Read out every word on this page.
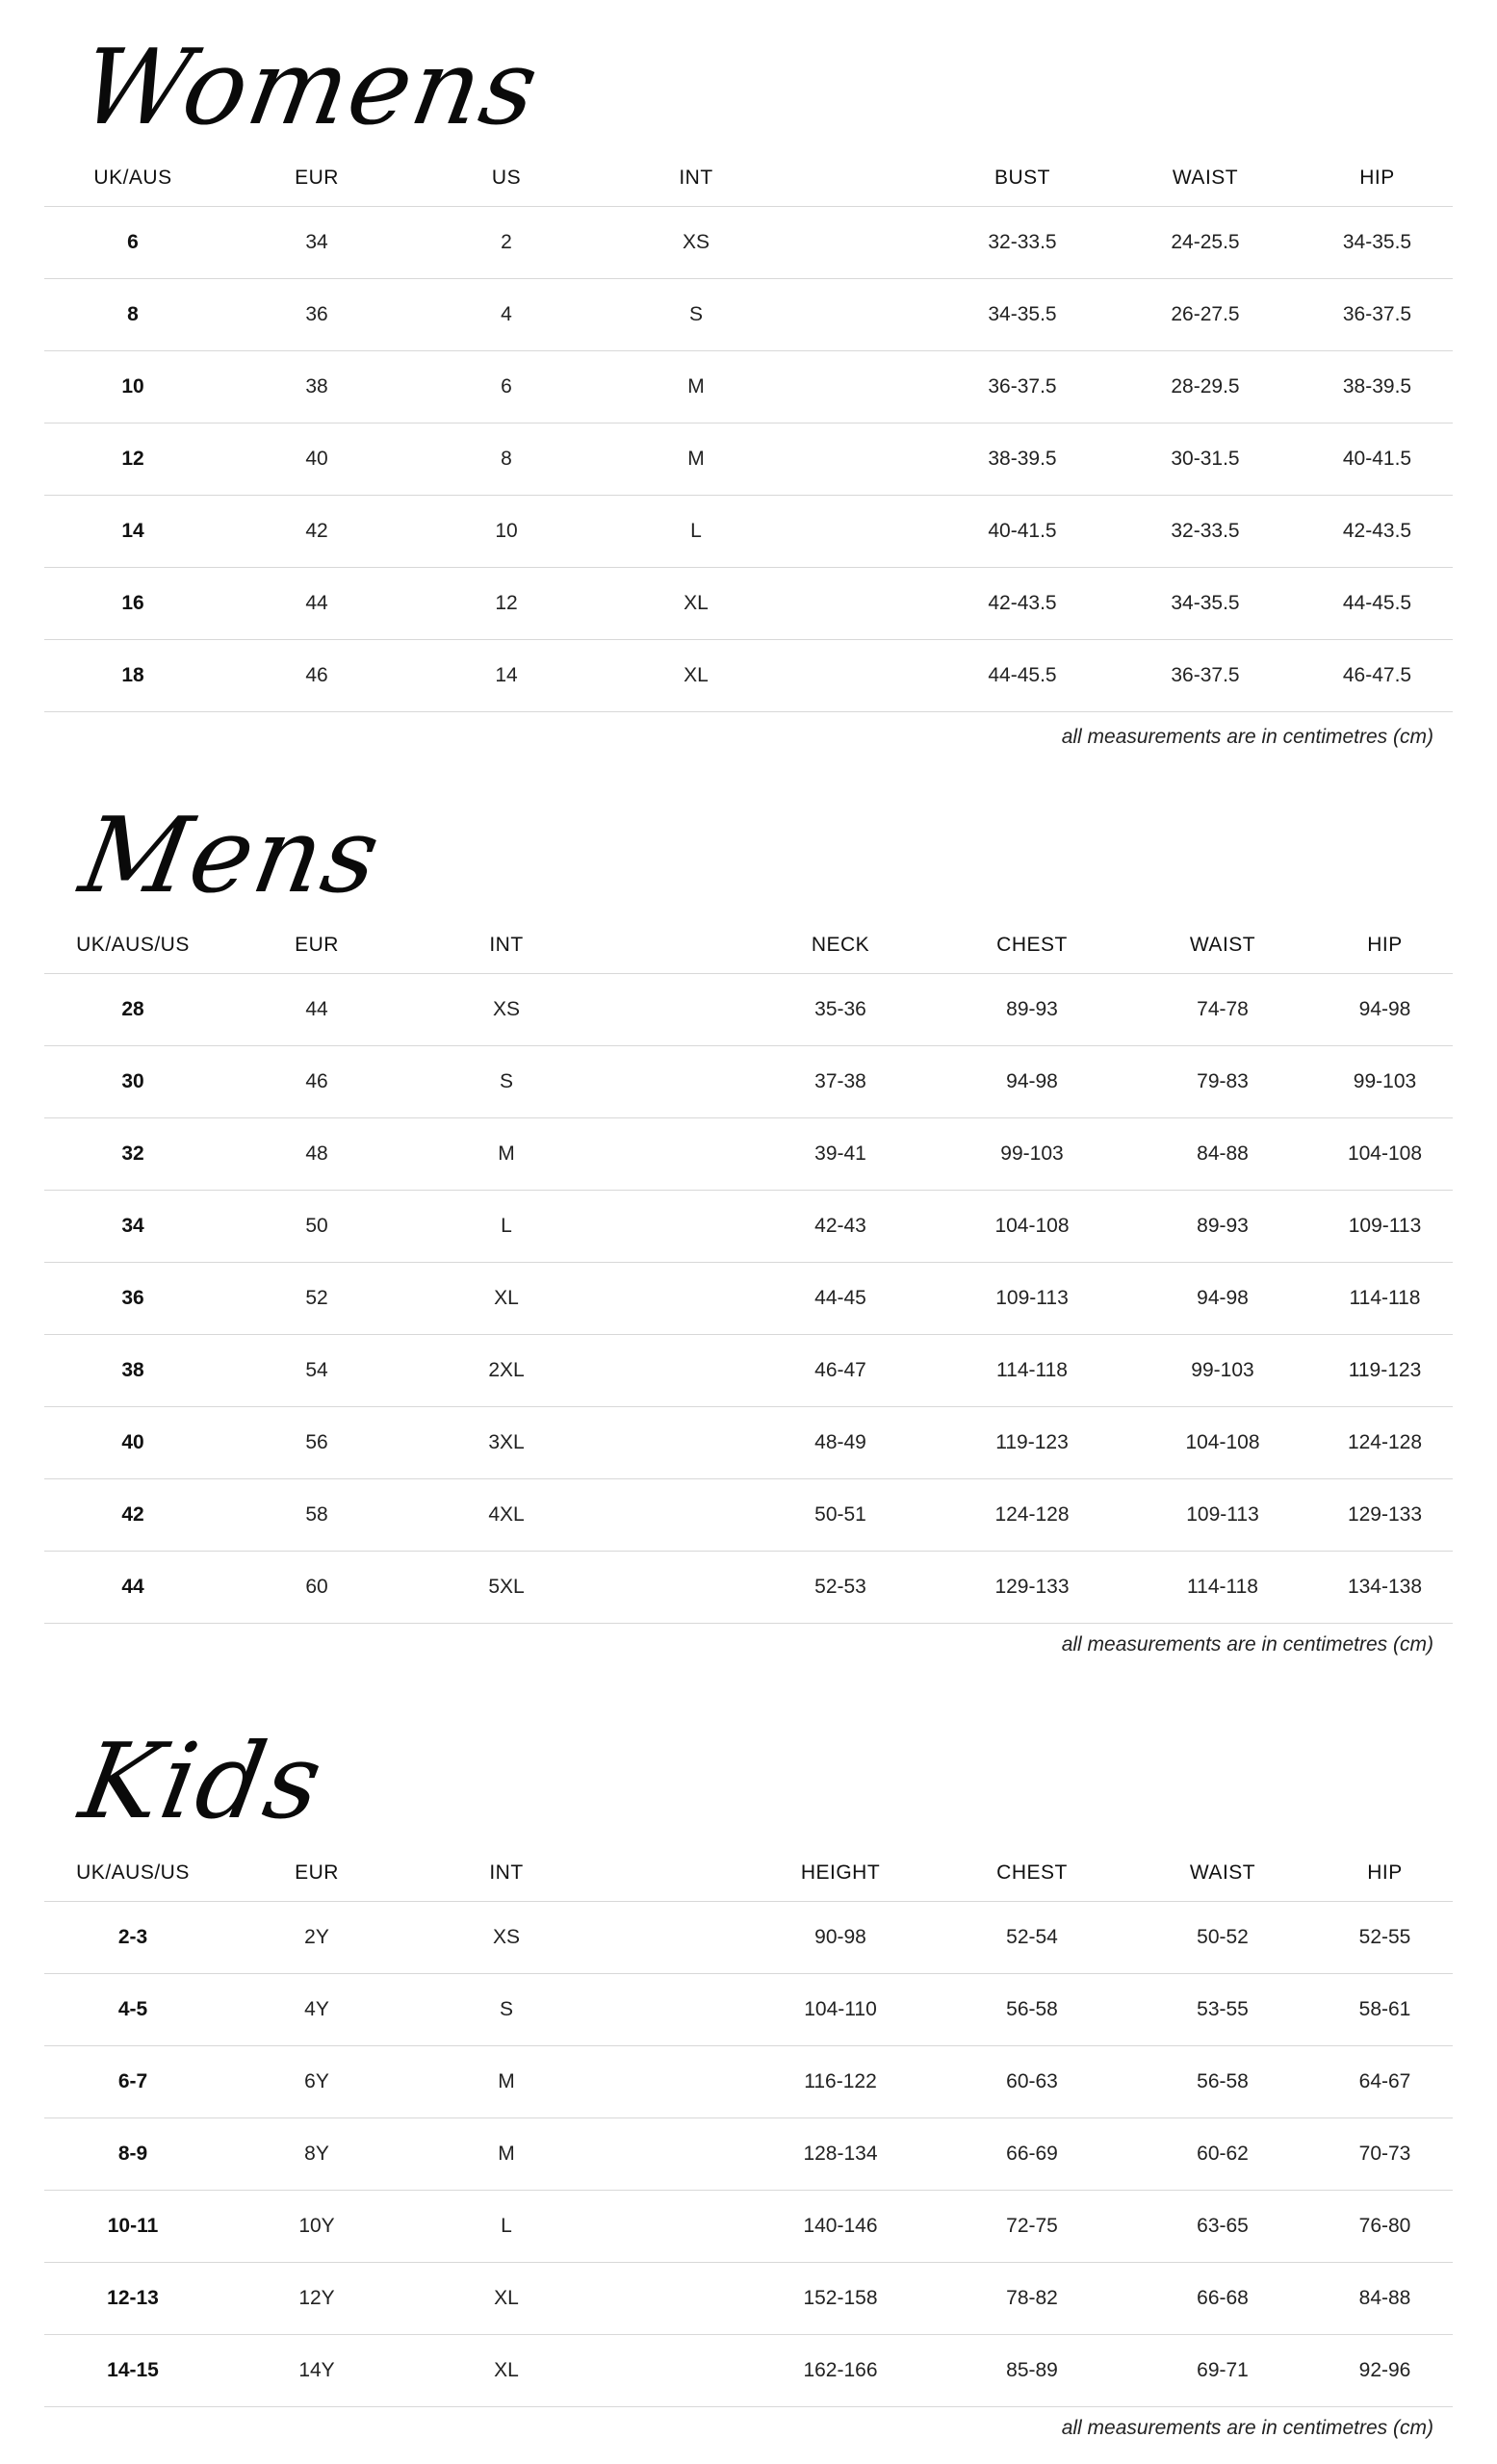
Womens
UK/AUS	EUR	US	INT		BUST	WAIST	HIP
6	34	2	XS		32-33.5	24-25.5	34-35.5
8	36	4	S		34-35.5	26-27.5	36-37.5
10	38	6	M		36-37.5	28-29.5	38-39.5
12	40	8	M		38-39.5	30-31.5	40-41.5
14	42	10	L		40-41.5	32-33.5	42-43.5
16	44	12	XL		42-43.5	34-35.5	44-45.5
18	46	14	XL		44-45.5	36-37.5	46-47.5
all measurements are in centimetres (cm)
Mens
UK/AUS/US	EUR	INT		NECK	CHEST	WAIST	HIP
28	44	XS		35-36	89-93	74-78	94-98
30	46	S		37-38	94-98	79-83	99-103
32	48	M		39-41	99-103	84-88	104-108
34	50	L		42-43	104-108	89-93	109-113
36	52	XL		44-45	109-113	94-98	114-118
38	54	2XL		46-47	114-118	99-103	119-123
40	56	3XL		48-49	119-123	104-108	124-128
42	58	4XL		50-51	124-128	109-113	129-133
44	60	5XL		52-53	129-133	114-118	134-138
all measurements are in centimetres (cm)
Kids
UK/AUS/US	EUR	INT		HEIGHT	CHEST	WAIST	HIP
2-3	2Y	XS		90-98	52-54	50-52	52-55
4-5	4Y	S		104-110	56-58	53-55	58-61
6-7	6Y	M		116-122	60-63	56-58	64-67
8-9	8Y	M		128-134	66-69	60-62	70-73
10-11	10Y	L		140-146	72-75	63-65	76-80
12-13	12Y	XL		152-158	78-82	66-68	84-88
14-15	14Y	XL		162-166	85-89	69-71	92-96
all measurements are in centimetres (cm)
